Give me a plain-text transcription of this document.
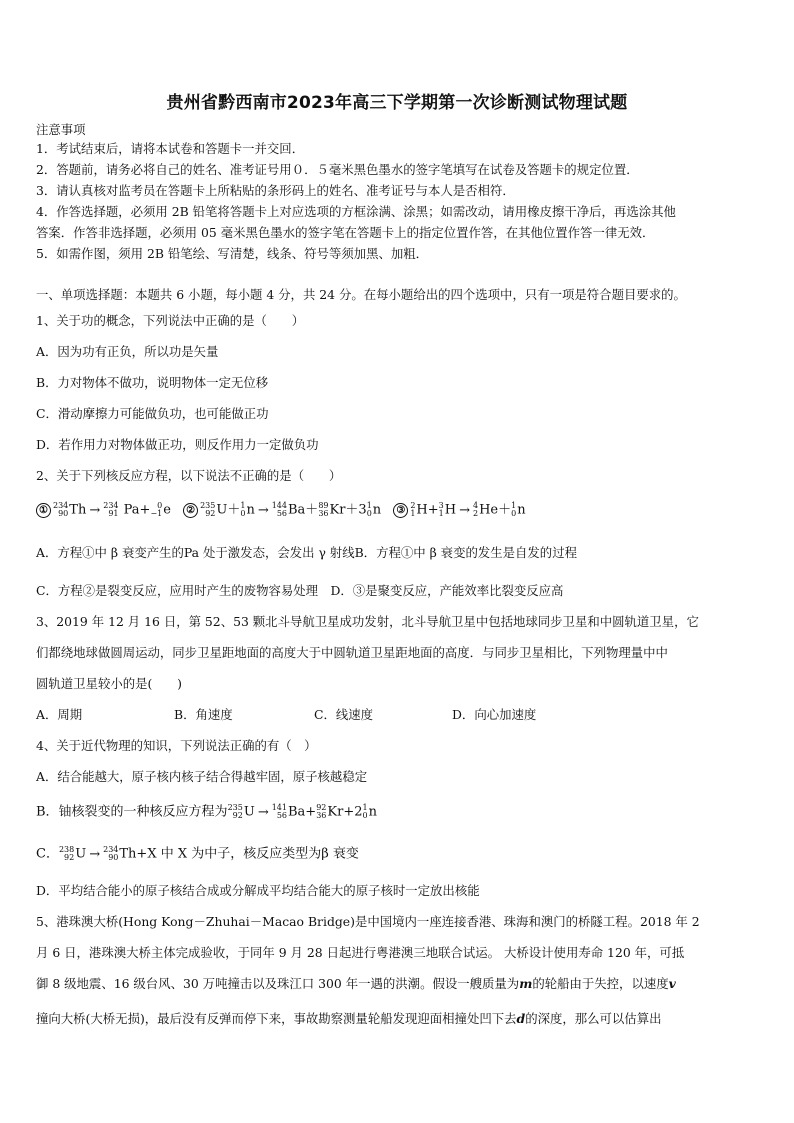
贵州省黔西南市2023年高三下学期第一次诊断测试物理试题
注意事项
1．考试结束后，请将本试卷和答题卡一并交回．
2．答题前，请务必将自己的姓名、准考证号用０．５毫米黑色墨水的签字笔填写在试卷及答题卡的规定位置．
3．请认真核对监考员在答题卡上所粘贴的条形码上的姓名、准考证号与本人是否相符．
4．作答选择题，必须用 2B 铅笔将答题卡上对应选项的方框涂满、涂黑；如需改动，请用橡皮擦干净后，再选涂其他
答案．作答非选择题，必须用 05 毫米黑色墨水的签字笔在答题卡上的指定位置作答，在其他位置作答一律无效．
5．如需作图，须用 2B 铅笔绘、写清楚，线条、符号等须加黑、加粗．
一、单项选择题：本题共 6 小题，每小题 4 分，共 24 分。在每小题给出的四个选项中，只有一项是符合题目要求的。
1、关于功的概念，下列说法中正确的是（　　）
A．因为功有正负，所以功是矢量
B．力对物体不做功，说明物体一定无位移
C．滑动摩擦力可能做负功，也可能做正功
D．若作用力对物体做正功，则反作用力一定做负功
2、关于下列核反应方程，以下说法不正确的是（　　）
① 234
90 Th → 234
91 Pa+ 0
−1 e ② 235
92 U＋ 1
0 n → 144
56 Ba＋ 89
36 Kr＋3 1
0 n ③ 2
1 H+ 3
1 H → 4
2 He＋ 1
0 n
A．方程①中 β 衰变产生的Pa 处于激发态，会发出 γ 射线B．方程①中 β 衰变的发生是自发的过程
C．方程②是裂变反应，应用时产生的废物容易处理　D．③是聚变反应，产能效率比裂变反应高
3、2019 年 12 月 16 日，第 52、53 颗北斗导航卫星成功发射，北斗导航卫星中包括地球同步卫星和中圆轨道卫星，它
们都绕地球做圆周运动，同步卫星距地面的高度大于中圆轨道卫星距地面的高度．与同步卫星相比，下列物理量中中
圆轨道卫星较小的是(　　)
A．周期	B．角速度	C．线速度	D．向心加速度
4、关于近代物理的知识，下列说法正确的有（　）
A．结合能越大，原子核内核子结合得越牢固，原子核越稳定
B．铀核裂变的一种核反应方程为 235
92 U → 141
56 Ba+ 92
36 Kr+2 1
0 n
C． 238
92 U → 234
90 Th+X 中 X 为中子，核反应类型为β 衰变
D．平均结合能小的原子核结合成或分解成平均结合能大的原子核时一定放出核能
5、港珠澳大桥(Hong Kong－Zhuhai－Macao Bridge)是中国境内一座连接香港、珠海和澳门的桥隧工程。2018 年 2
月 6 日，港珠澳大桥主体完成验收，于同年 9 月 28 日起进行粤港澳三地联合试运。 大桥设计使用寿命 120 年，可抵
御 8 级地震、16 级台风、30 万吨撞击以及珠江口 300 年一遇的洪潮。假设一艘质量为m的轮船由于失控，以速度v
撞向大桥(大桥无损)，最后没有反弹而停下来，事故勘察测量轮船发现迎面相撞处凹下去d的深度，那么可以估算出
